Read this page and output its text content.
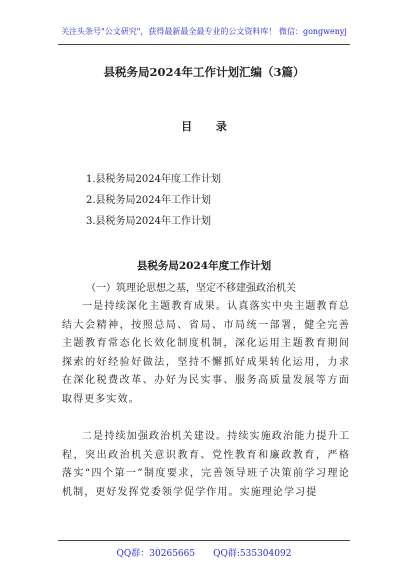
关注头条号"公文研究"，获得最新最全最专业的公文资料库！ 微信：gongwenyj
县税务局2024年工作计划汇编（3篇）
目 录
1.县税务局2024年度工作计划
2.县税务局2024年工作计划
3.县税务局2024年工作计划
县税务局2024年度工作计划
（一）筑理论思想之基，坚定不移建强政治机关

一是持续深化主题教育成果。认真落实中央主题教育总结大会精神，按照总局、省局、市局统一部署，健全完善主题教育常态化长效化制度机制，深化运用主题教育期间探索的好经验好做法，坚持不懈抓好成果转化运用，力求在深化税费改革、办好为民实事、服务高质量发展等方面取得更多实效。

二是持续加强政治机关建设。持续实施政治能力提升工程，突出政治机关意识教育、党性教育和廉政教育，严格落实“四个第一”制度要求，完善领导班子决策前学习理论机制，更好发挥党委领学促学作用。实施理论学习提

QQ群：30265665　　QQ群:535304092
